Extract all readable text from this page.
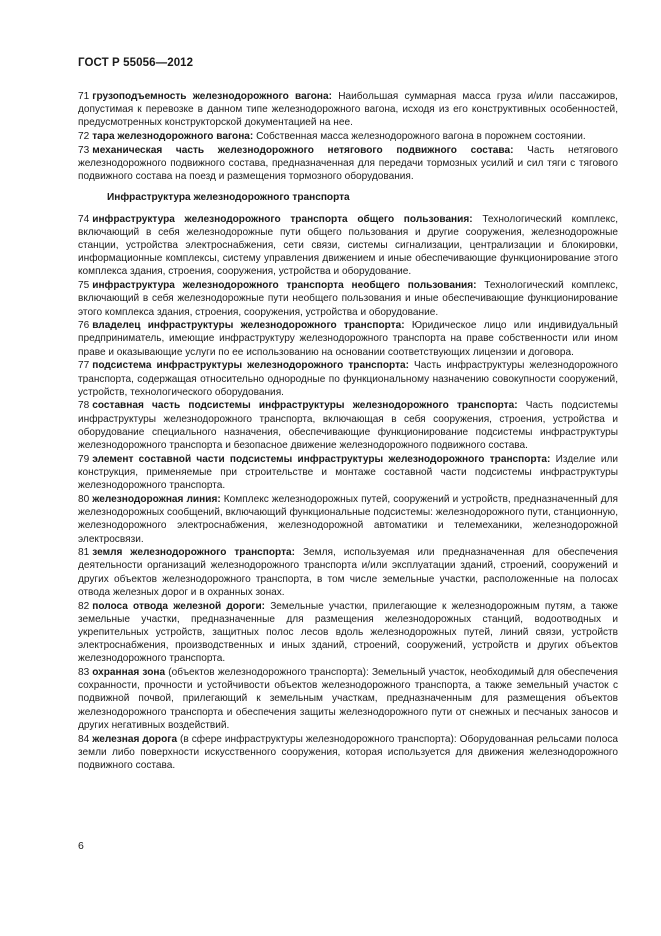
ГОСТ Р 55056—2012

71 грузоподъемность железнодорожного вагона: Наибольшая суммарная масса груза и/или пассажиров, допустимая к перевозке в данном типе железнодорожного вагона, исходя из его конструктивных особенностей, предусмотренных конструкторской документацией на нее.

72 тара железнодорожного вагона: Собственная масса железнодорожного вагона в порожнем состоянии.

73 механическая часть железнодорожного нетягового подвижного состава: Часть нетягового железнодорожного подвижного состава, предназначенная для передачи тормозных усилий и сил тяги с тягового подвижного состава на поезд и размещения тормозного оборудования.

Инфраструктура железнодорожного транспорта

74 инфраструктура железнодорожного транспорта общего пользования: Технологический комплекс, включающий в себя железнодорожные пути общего пользования и другие сооружения, железнодорожные станции, устройства электроснабжения, сети связи, системы сигнализации, централизации и блокировки, информационные комплексы, систему управления движением и иные обеспечивающие функционирование этого комплекса здания, строения, сооружения, устройства и оборудование.

75 инфраструктура железнодорожного транспорта необщего пользования: Технологический комплекс, включающий в себя железнодорожные пути необщего пользования и иные обеспечивающие функционирование этого комплекса здания, строения, сооружения, устройства и оборудование.

76 владелец инфраструктуры железнодорожного транспорта: Юридическое лицо или индивидуальный предприниматель, имеющие инфраструктуру железнодорожного транспорта на праве собственности или ином праве и оказывающие услуги по ее использованию на основании соответствующих лицензии и договора.

77 подсистема инфраструктуры железнодорожного транспорта: Часть инфраструктуры железнодорожного транспорта, содержащая относительно однородные по функциональному назначению совокупности сооружений, устройств, технологического оборудования.

78 составная часть подсистемы инфраструктуры железнодорожного транспорта: Часть подсистемы инфраструктуры железнодорожного транспорта, включающая в себя сооружения, строения, устройства и оборудование специального назначения, обеспечивающие функционирование подсистемы инфраструктуры железнодорожного транспорта и безопасное движение железнодорожного подвижного состава.

79 элемент составной части подсистемы инфраструктуры железнодорожного транспорта: Изделие или конструкция, применяемые при строительстве и монтаже составной части подсистемы инфраструктуры железнодорожного транспорта.

80 железнодорожная линия: Комплекс железнодорожных путей, сооружений и устройств, предназначенный для железнодорожных сообщений, включающий функциональные подсистемы: железнодорожного пути, станционную, железнодорожного электроснабжения, железнодорожной автоматики и телемеханики, железнодорожной электросвязи.

81 земля железнодорожного транспорта: Земля, используемая или предназначенная для обеспечения деятельности организаций железнодорожного транспорта и/или эксплуатации зданий, строений, сооружений и других объектов железнодорожного транспорта, в том числе земельные участки, расположенные на полосах отвода железных дорог и в охранных зонах.

82 полоса отвода железной дороги: Земельные участки, прилегающие к железнодорожным путям, а также земельные участки, предназначенные для размещения железнодорожных станций, водоотводных и укрепительных устройств, защитных полос лесов вдоль железнодорожных путей, линий связи, устройств электроснабжения, производственных и иных зданий, строений, сооружений, устройств и других объектов железнодорожного транспорта.

83 охранная зона (объектов железнодорожного транспорта): Земельный участок, необходимый для обеспечения сохранности, прочности и устойчивости объектов железнодорожного транспорта, а также земельный участок с подвижной почвой, прилегающий к земельным участкам, предназначенным для размещения объектов железнодорожного транспорта и обеспечения защиты железнодорожного пути от снежных и песчаных заносов и других негативных воздействий.

84 железная дорога (в сфере инфраструктуры железнодорожного транспорта): Оборудованная рельсами полоса земли либо поверхности искусственного сооружения, которая используется для движения железнодорожного подвижного состава.

6
